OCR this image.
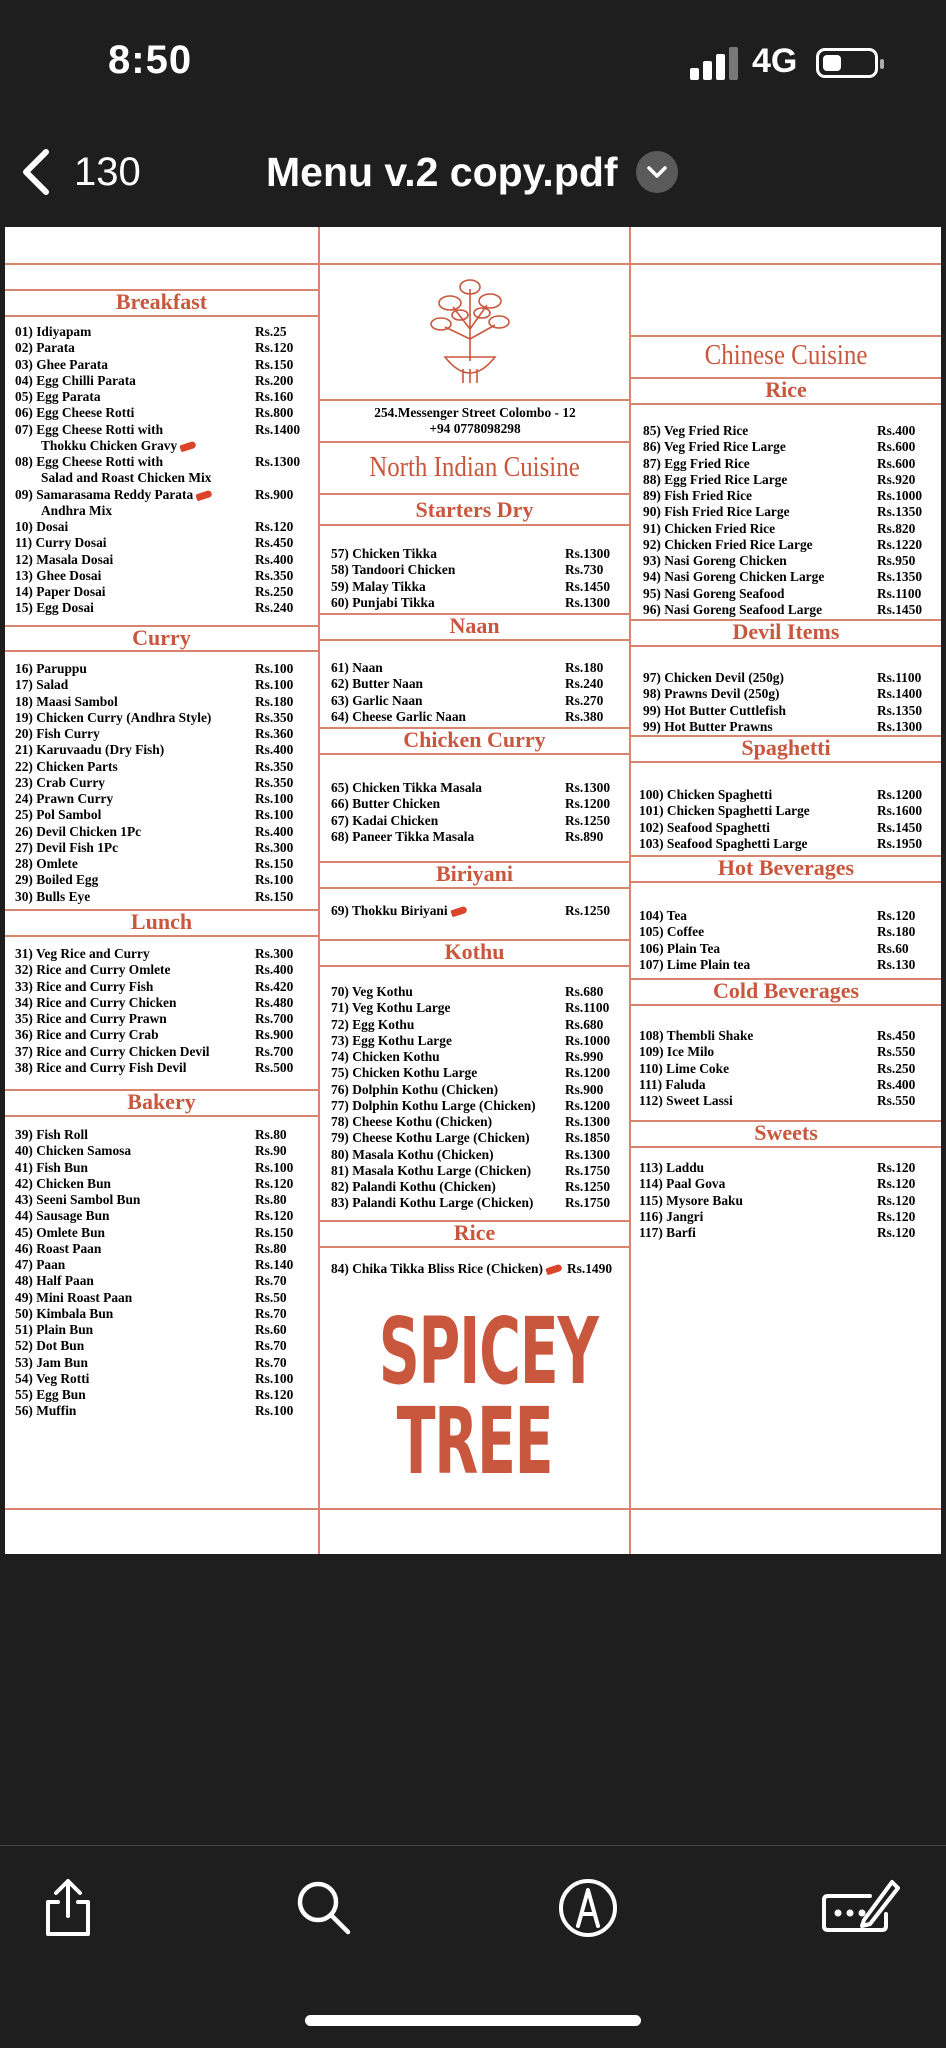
8:50	4G
130	Menu v.2 copy.pdf
Breakfast
01) Idiyapam	Rs.25
02) Parata	Rs.120
03) Ghee Parata	Rs.150
04) Egg Chilli Parata	Rs.200
05) Egg Parata	Rs.160
06) Egg Cheese Rotti	Rs.800
07) Egg Cheese Rotti with	Rs.1400
Thokku Chicken Gravy
08) Egg Cheese Rotti with	Rs.1300
Salad and Roast Chicken Mix
09) Samarasama Reddy Parata	Rs.900
Andhra Mix
10) Dosai	Rs.120
11) Curry Dosai	Rs.450
12) Masala Dosai	Rs.400
13) Ghee Dosai	Rs.350
14) Paper Dosai	Rs.250
15) Egg Dosai	Rs.240
Curry
16) Paruppu	Rs.100
17) Salad	Rs.100
18) Maasi Sambol	Rs.180
19) Chicken Curry (Andhra Style)	Rs.350
20) Fish Curry	Rs.360
21) Karuvaadu (Dry Fish)	Rs.400
22) Chicken Parts	Rs.350
23) Crab Curry	Rs.350
24) Prawn Curry	Rs.100
25) Pol Sambol	Rs.100
26) Devil Chicken 1Pc	Rs.400
27) Devil Fish 1Pc	Rs.300
28) Omlete	Rs.150
29) Boiled Egg	Rs.100
30) Bulls Eye	Rs.150
Lunch
31) Veg Rice and Curry	Rs.300
32) Rice and Curry Omlete	Rs.400
33) Rice and Curry Fish	Rs.420
34) Rice and Curry Chicken	Rs.480
35) Rice and Curry Prawn	Rs.700
36) Rice and Curry Crab	Rs.900
37) Rice and Curry Chicken Devil	Rs.700
38) Rice and Curry Fish Devil	Rs.500
Bakery
39) Fish Roll	Rs.80
40) Chicken Samosa	Rs.90
41) Fish Bun	Rs.100
42) Chicken Bun	Rs.120
43) Seeni Sambol Bun	Rs.80
44) Sausage Bun	Rs.120
45) Omlete Bun	Rs.150
46) Roast Paan	Rs.80
47) Paan	Rs.140
48) Half Paan	Rs.70
49) Mini Roast Paan	Rs.50
50) Kimbala Bun	Rs.70
51) Plain Bun	Rs.60
52) Dot Bun	Rs.70
53) Jam Bun	Rs.70
54) Veg Rotti	Rs.100
55) Egg Bun	Rs.120
56) Muffin	Rs.100
254.Messenger Street Colombo - 12
+94 0778098298
North Indian Cuisine
Starters Dry
57) Chicken Tikka	Rs.1300
58) Tandoori Chicken	Rs.730
59) Malay Tikka	Rs.1450
60) Punjabi Tikka	Rs.1300
Naan
61) Naan	Rs.180
62) Butter Naan	Rs.240
63) Garlic Naan	Rs.270
64) Cheese Garlic Naan	Rs.380
Chicken Curry
65) Chicken Tikka Masala	Rs.1300
66) Butter Chicken	Rs.1200
67) Kadai Chicken	Rs.1250
68) Paneer Tikka Masala	Rs.890
Biriyani
69) Thokku Biriyani	Rs.1250
Kothu
70) Veg Kothu	Rs.680
71) Veg Kothu Large	Rs.1100
72) Egg Kothu	Rs.680
73) Egg Kothu Large	Rs.1000
74) Chicken Kothu	Rs.990
75) Chicken Kothu Large	Rs.1200
76) Dolphin Kothu (Chicken)	Rs.900
77) Dolphin Kothu Large (Chicken) Rs.1200
78) Cheese Kothu (Chicken)	Rs.1300
79) Cheese Kothu Large (Chicken)	Rs.1850
80) Masala Kothu (Chicken)	Rs.1300
81) Masala Kothu Large (Chicken)	Rs.1750
82) Palandi Kothu (Chicken)	Rs.1250
83) Palandi Kothu Large (Chicken) Rs.1750
Rice
84) Chika Tikka Bliss Rice (Chicken)	Rs.1490
SPICEY
TREE
Chinese Cuisine
Rice
85) Veg Fried Rice	Rs.400
86) Veg Fried Rice Large	Rs.600
87) Egg Fried Rice	Rs.600
88) Egg Fried Rice Large	Rs.920
89) Fish Fried Rice	Rs.1000
90) Fish Fried Rice Large	Rs.1350
91) Chicken Fried Rice	Rs.820
92) Chicken Fried Rice Large	Rs.1220
93) Nasi Goreng Chicken	Rs.950
94) Nasi Goreng Chicken Large	Rs.1350
95) Nasi Goreng Seafood	Rs.1100
96) Nasi Goreng Seafood Large	Rs.1450
Devil Items
97) Chicken Devil (250g)	Rs.1100
98) Prawns Devil (250g)	Rs.1400
99) Hot Butter Cuttlefish	Rs.1350
99) Hot Butter Prawns	Rs.1300
Spaghetti
100) Chicken Spaghetti	Rs.1200
101) Chicken Spaghetti Large	Rs.1600
102) Seafood Spaghetti	Rs.1450
103) Seafood Spaghetti Large	Rs.1950
Hot Beverages
104) Tea	Rs.120
105) Coffee	Rs.180
106) Plain Tea	Rs.60
107) Lime Plain tea	Rs.130
Cold Beverages
108) Thembli Shake	Rs.450
109) Ice Milo	Rs.550
110) Lime Coke	Rs.250
111) Faluda	Rs.400
112) Sweet Lassi	Rs.550
Sweets
113) Laddu	Rs.120
114) Paal Gova	Rs.120
115) Mysore Baku	Rs.120
116) Jangri	Rs.120
117) Barfi	Rs.120
